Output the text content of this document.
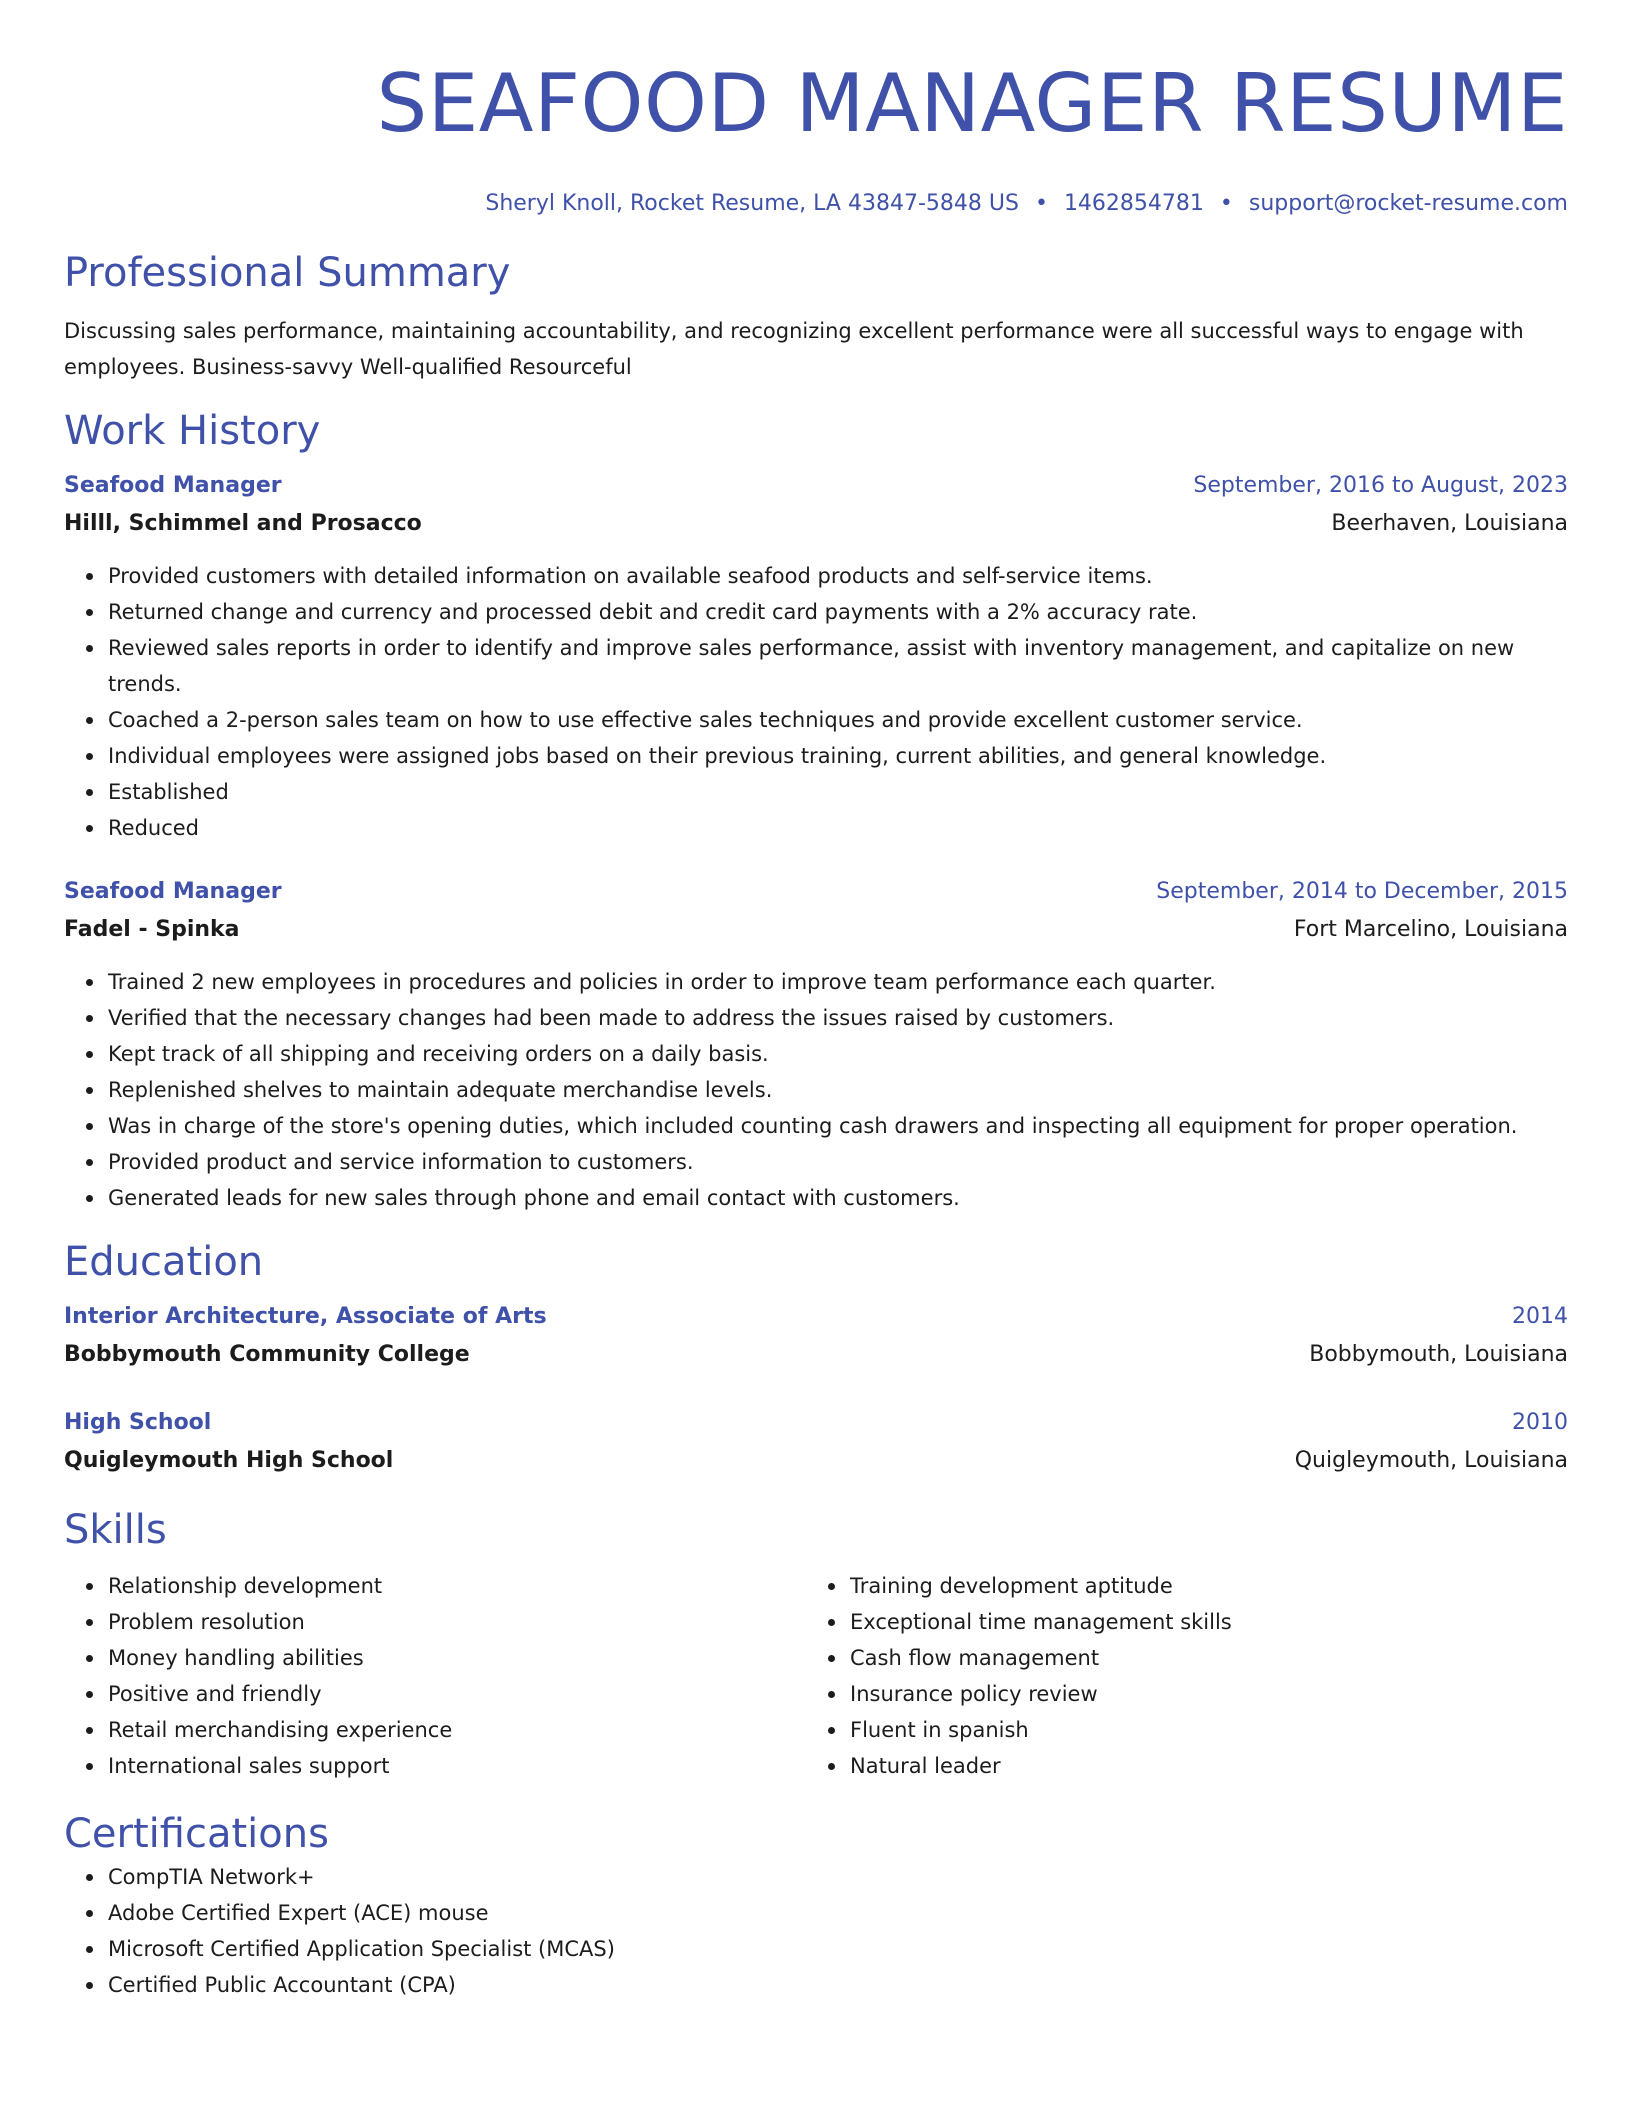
SEAFOOD MANAGER RESUME
Sheryl Knoll, Rocket Resume, LA 43847-5848 US • 1462854781 • support@rocket-resume.com
Professional Summary

Discussing sales performance, maintaining accountability, and recognizing excellent performance were all successful ways to engage with employees. Business-savvy Well-qualified Resourceful

Work History
Seafood Manager	September, 2016 to August, 2023
Hilll, Schimmel and Prosacco	Beerhaven, Louisiana
Provided customers with detailed information on available seafood products and self-service items.
Returned change and currency and processed debit and credit card payments with a 2% accuracy rate.
Reviewed sales reports in order to identify and improve sales performance, assist with inventory management, and capitalize on new trends.
Coached a 2-person sales team on how to use effective sales techniques and provide excellent customer service.
Individual employees were assigned jobs based on their previous training, current abilities, and general knowledge.
Established
Reduced
Seafood Manager	September, 2014 to December, 2015
Fadel - Spinka	Fort Marcelino, Louisiana
Trained 2 new employees in procedures and policies in order to improve team performance each quarter.
Verified that the necessary changes had been made to address the issues raised by customers.
Kept track of all shipping and receiving orders on a daily basis.
Replenished shelves to maintain adequate merchandise levels.
Was in charge of the store's opening duties, which included counting cash drawers and inspecting all equipment for proper operation.
Provided product and service information to customers.
Generated leads for new sales through phone and email contact with customers.
Education
Interior Architecture, Associate of Arts	2014
Bobbymouth Community College	Bobbymouth, Louisiana
High School	2010
Quigleymouth High School	Quigleymouth, Louisiana
Skills
Relationship development
Problem resolution
Money handling abilities
Positive and friendly
Retail merchandising experience
International sales support
Training development aptitude
Exceptional time management skills
Cash flow management
Insurance policy review
Fluent in spanish
Natural leader
Certifications
CompTIA Network+
Adobe Certified Expert (ACE) mouse
Microsoft Certified Application Specialist (MCAS)
Certified Public Accountant (CPA)
